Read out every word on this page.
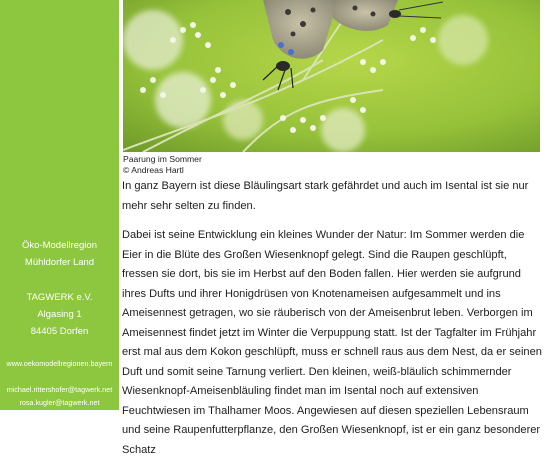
Öko-Modellregion
Mühldorfer Land
TAGWERK e.V.
Algasing 1
84405 Dorfen
www.oekomodellregionen.bayern
michael.rittershofer@tagwerk.net
rosa.kugler@tagwerk.net
Paarung im Sommer
© Andreas Hartl

In ganz Bayern ist diese Bläulingsart stark gefährdet und auch im Isental ist sie nur mehr sehr selten zu finden.

Dabei ist seine Entwicklung ein kleines Wunder der Natur: Im Sommer werden die Eier in die Blüte des Großen Wiesenknopf gelegt. Sind die Raupen geschlüpft, fressen sie dort, bis sie im Herbst auf den Boden fallen. Hier werden sie aufgrund ihres Dufts und ihrer Honigdrüsen von Knotenameisen aufgesammelt und ins Ameisennest getragen, wo sie räuberisch von der Ameisenbrut leben. Verborgen im Ameisennest findet jetzt im Winter die Verpuppung statt. Ist der Tagfalter im Frühjahr erst mal aus dem Kokon geschlüpft, muss er schnell raus aus dem Nest, da er seinen Duft und somit seine Tarnung verliert. Den kleinen, weiß-bläulich schimmernder Wiesenknopf-Ameisenbläuling findet man im Isental noch auf extensiven Feuchtwiesen im Thalhamer Moos. Angewiesen auf diesen speziellen Lebensraum und seine Raupenfutterpflanze, den Großen Wiesenknopf, ist er ein ganz besonderer Schatz
